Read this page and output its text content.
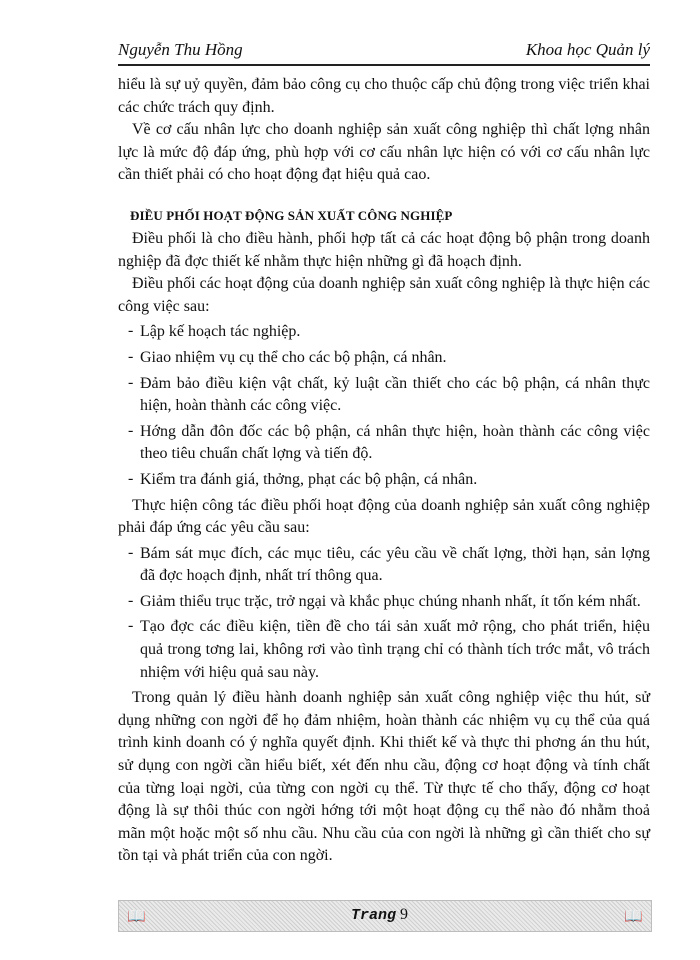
Nguyễn Thu Hồng	Khoa học Quản lý

hiểu là sự uỷ quyền, đảm bảo công cụ cho thuộc cấp chủ động trong việc triển khai các chức trách quy định.

Về cơ cấu nhân lực cho doanh nghiệp sản xuất công nghiệp thì chất lợng nhân lực là mức độ đáp ứng, phù hợp với cơ cấu nhân lực hiện có với cơ cấu nhân lực cần thiết phải có cho hoạt động đạt hiệu quả cao.

ĐIỀU PHỐI HOẠT ĐỘNG SẢN XUẤT CÔNG NGHIỆP

Điều phối là cho điều hành, phối hợp tất cả các hoạt động bộ phận trong doanh nghiệp đã đợc thiết kế nhằm thực hiện những gì đã hoạch định.

Điều phối các hoạt động của doanh nghiệp sản xuất công nghiệp là thực hiện các công việc sau:

- Lập kế hoạch tác nghiệp.
- Giao nhiệm vụ cụ thể cho các bộ phận, cá nhân.
- Đảm bảo điều kiện vật chất, kỷ luật cần thiết cho các bộ phận, cá nhân thực hiện, hoàn thành các công việc.
- Hớng dẫn đôn đốc các bộ phận, cá nhân thực hiện, hoàn thành các công việc theo tiêu chuẩn chất lợng và tiến độ.
- Kiểm tra đánh giá, thởng, phạt các bộ phận, cá nhân.

Thực hiện công tác điều phối hoạt động của doanh nghiệp sản xuất công nghiệp phải đáp ứng các yêu cầu sau:

- Bám sát mục đích, các mục tiêu, các yêu cầu về chất lợng, thời hạn, sản lợng đã đợc hoạch định, nhất trí thông qua.
- Giảm thiểu trục trặc, trở ngại và khắc phục chúng nhanh nhất, ít tốn kém nhất.
- Tạo đợc các điều kiện, tiền đề cho tái sản xuất mở rộng, cho phát triển, hiệu quả trong tơng lai, không rơi vào tình trạng chỉ có thành tích trớc mắt, vô trách nhiệm với hiệu quả sau này.

Trong quản lý điều hành doanh nghiệp sản xuất công nghiệp việc thu hút, sử dụng những con ngời để họ đảm nhiệm, hoàn thành các nhiệm vụ cụ thể của quá trình kinh doanh có ý nghĩa quyết định. Khi thiết kế và thực thi phơng án thu hút, sử dụng con ngời cần hiểu biết, xét đến nhu cầu, động cơ hoạt động và tính chất của từng loại ngời, của từng con ngời cụ thể. Từ thực tế cho thấy, động cơ hoạt động là sự thôi thúc con ngời hớng tới một hoạt động cụ thể nào đó nhằm thoả mãn một hoặc một số nhu cầu. Nhu cầu của con ngời là những gì cần thiết cho sự tồn tại và phát triển của con ngời.

📖	Trang 9	📖
